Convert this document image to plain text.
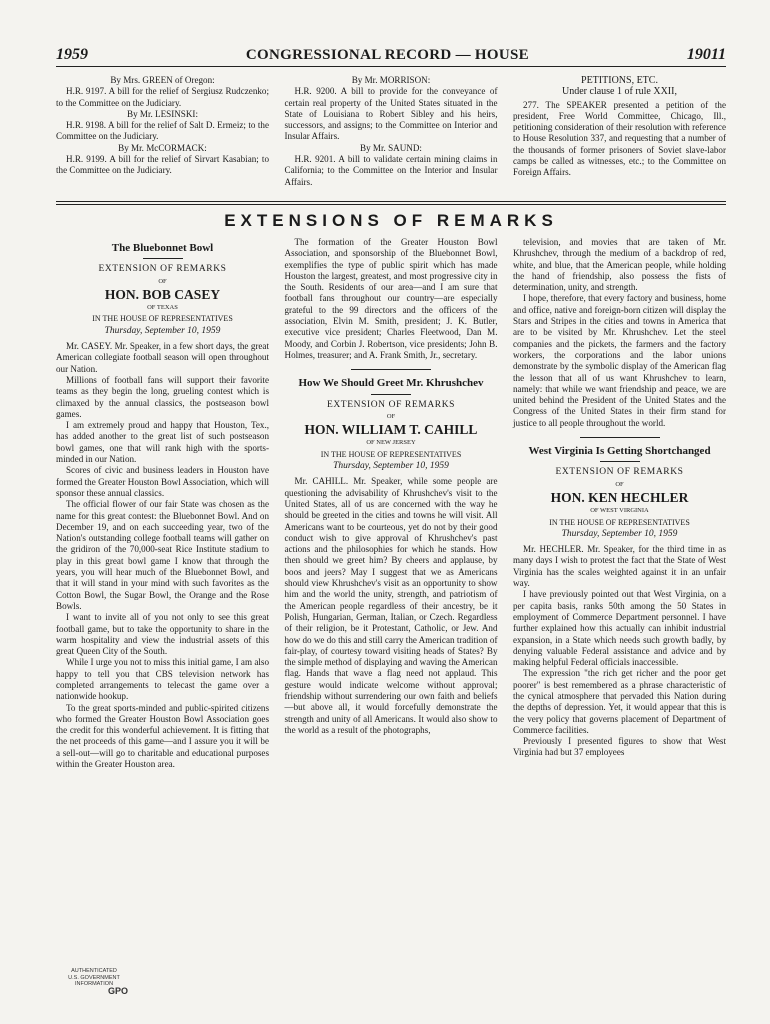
1959	CONGRESSIONAL RECORD — HOUSE	19011

By Mrs. GREEN of Oregon:

H.R. 9197. A bill for the relief of Sergiusz Rudczenko; to the Committee on the Judiciary.

By Mr. LESINSKI:

H.R. 9198. A bill for the relief of Salt D. Ermeiz; to the Committee on the Judiciary.

By Mr. McCORMACK:

H.R. 9199. A bill for the relief of Sirvart Kasabian; to the Committee on the Judiciary.

By Mr. MORRISON:

H.R. 9200. A bill to provide for the conveyance of certain real property of the United States situated in the State of Louisiana to Robert Sibley and his heirs, successors, and assigns; to the Committee on Interior and Insular Affairs.

By Mr. SAUND:

H.R. 9201. A bill to validate certain mining claims in California; to the Committee on the Interior and Insular Affairs.

PETITIONS, ETC.

Under clause 1 of rule XXII,

277. The SPEAKER presented a petition of the president, Free World Committee, Chicago, Ill., petitioning consideration of their resolution with reference to House Resolution 337, and requesting that a number of the thousands of former prisoners of Soviet slave-labor camps be called as witnesses, etc.; to the Committee on Foreign Affairs.

EXTENSIONS OF REMARKS
The Bluebonnet Bowl

EXTENSION OF REMARKS

OF

HON. BOB CASEY

OF TEXAS

IN THE HOUSE OF REPRESENTATIVES

Thursday, September 10, 1959

Mr. CASEY. Mr. Speaker, in a few short days, the great American collegiate football season will open throughout our Nation.

Millions of football fans will support their favorite teams as they begin the long, grueling contest which is climaxed by the annual classics, the postseason bowl games.

I am extremely proud and happy that Houston, Tex., has added another to the great list of such postseason bowl games, one that will rank high with the sports-minded in our Nation.

Scores of civic and business leaders in Houston have formed the Greater Houston Bowl Association, which will sponsor these annual classics.

The official flower of our fair State was chosen as the name for this great contest: the Bluebonnet Bowl. And on December 19, and on each succeeding year, two of the Nation's outstanding college football teams will gather on the gridiron of the 70,000-seat Rice Institute stadium to play in this great bowl game I know that through the years, you will hear much of the Bluebonnet Bowl, and that it will stand in your mind with such favorites as the Cotton Bowl, the Sugar Bowl, the Orange and the Rose Bowls.

I want to invite all of you not only to see this great football game, but to take the opportunity to share in the warm hospitality and view the industrial assets of this great Queen City of the South.

While I urge you not to miss this initial game, I am also happy to tell you that CBS television network has completed arrangements to telecast the game over a nationwide hookup.

To the great sports-minded and public-spirited citizens who formed the Greater Houston Bowl Association goes the credit for this wonderful achievement. It is fitting that the net proceeds of this game—and I assure you it will be a sell-out—will go to charitable and educational purposes within the Greater Houston area.

The formation of the Greater Houston Bowl Association, and sponsorship of the Bluebonnet Bowl, exemplifies the type of public spirit which has made Houston the largest, greatest, and most progressive city in the South. Residents of our area—and I am sure that football fans throughout our country—are especially grateful to the 99 directors and the officers of the association, Elvin M. Smith, president; J. K. Butler, executive vice president; Charles Fleetwood, Dan M. Moody, and Corbin J. Robertson, vice presidents; John B. Holmes, treasurer; and A. Frank Smith, Jr., secretary.

How We Should Greet Mr. Khrushchev

EXTENSION OF REMARKS

OF

HON. WILLIAM T. CAHILL

OF NEW JERSEY

IN THE HOUSE OF REPRESENTATIVES

Thursday, September 10, 1959

Mr. CAHILL. Mr. Speaker, while some people are questioning the advisability of Khrushchev's visit to the United States, all of us are concerned with the way he should be greeted in the cities and towns he will visit. All Americans want to be courteous, yet do not by their good conduct wish to give approval of Khrushchev's past actions and the philosophies for which he stands. How then should we greet him? By cheers and applause, by boos and jeers? May I suggest that we as Americans should view Khrushchev's visit as an opportunity to show him and the world the unity, strength, and patriotism of the American people regardless of their ancestry, be it Polish, Hungarian, German, Italian, or Czech. Regardless of their religion, be it Protestant, Catholic, or Jew. And how do we do this and still carry the American tradition of fair-play, of courtesy toward visiting heads of States? By the simple method of displaying and waving the American flag. Hands that wave a flag need not applaud. This gesture would indicate welcome without approval; friendship without surrendering our own faith and beliefs—but above all, it would forcefully demonstrate the strength and unity of all Americans. It would also show to the world as a result of the photographs,

television, and movies that are taken of Mr. Khrushchev, through the medium of a backdrop of red, white, and blue, that the American people, while holding the hand of friendship, also possess the fists of determination, unity, and strength.

I hope, therefore, that every factory and business, home and office, native and foreign-born citizen will display the Stars and Stripes in the cities and towns in America that are to be visited by Mr. Khrushchev. Let the steel companies and the pickets, the farmers and the factory workers, the corporations and the labor unions demonstrate by the symbolic display of the American flag the lesson that all of us want Khrushchev to learn, namely: that while we want friendship and peace, we are united behind the President of the United States and the Congress of the United States in their firm stand for justice to all people throughout the world.

West Virginia Is Getting Shortchanged

EXTENSION OF REMARKS

OF

HON. KEN HECHLER

OF WEST VIRGINIA

IN THE HOUSE OF REPRESENTATIVES

Thursday, September 10, 1959

Mr. HECHLER. Mr. Speaker, for the third time in as many days I wish to protest the fact that the State of West Virginia has the scales weighted against it in an unfair way.

I have previously pointed out that West Virginia, on a per capita basis, ranks 50th among the 50 States in employment of Commerce Department personnel. I have further explained how this actually can inhibit industrial expansion, in a State which needs such growth badly, by denying valuable Federal assistance and advice and by making helpful Federal officials inaccessible.

The expression "the rich get richer and the poor get poorer" is best remembered as a phrase characteristic of the cynical atmosphere that pervaded this Nation during the depths of depression. Yet, it would appear that this is the very policy that governs placement of Department of Commerce facilities.

Previously I presented figures to show that West Virginia had but 37 employees

AUTHENTICATED
U.S. GOVERNMENT
INFORMATION
GPO
